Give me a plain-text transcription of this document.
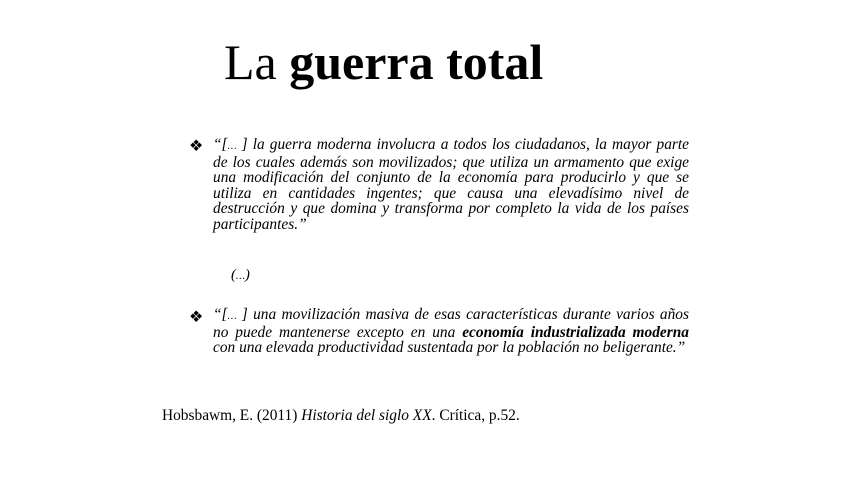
La guerra total
❖ “[… ] la guerra moderna involucra a todos los ciudadanos, la mayor parte de los cuales además son movilizados; que utiliza un armamento que exige una modificación del conjunto de la economía para producirlo y que se utiliza en cantidades ingentes; que causa una elevadísimo nivel de destrucción y que domina y transforma por completo la vida de los países participantes.”
(…)
❖ “[… ] una movilización masiva de esas características durante varios años no puede mantenerse excepto en una economía industrializada moderna con una elevada productividad sustentada por la población no beligerante.”
Hobsbawm, E. (2011) Historia del siglo XX. Crítica, p.52.
